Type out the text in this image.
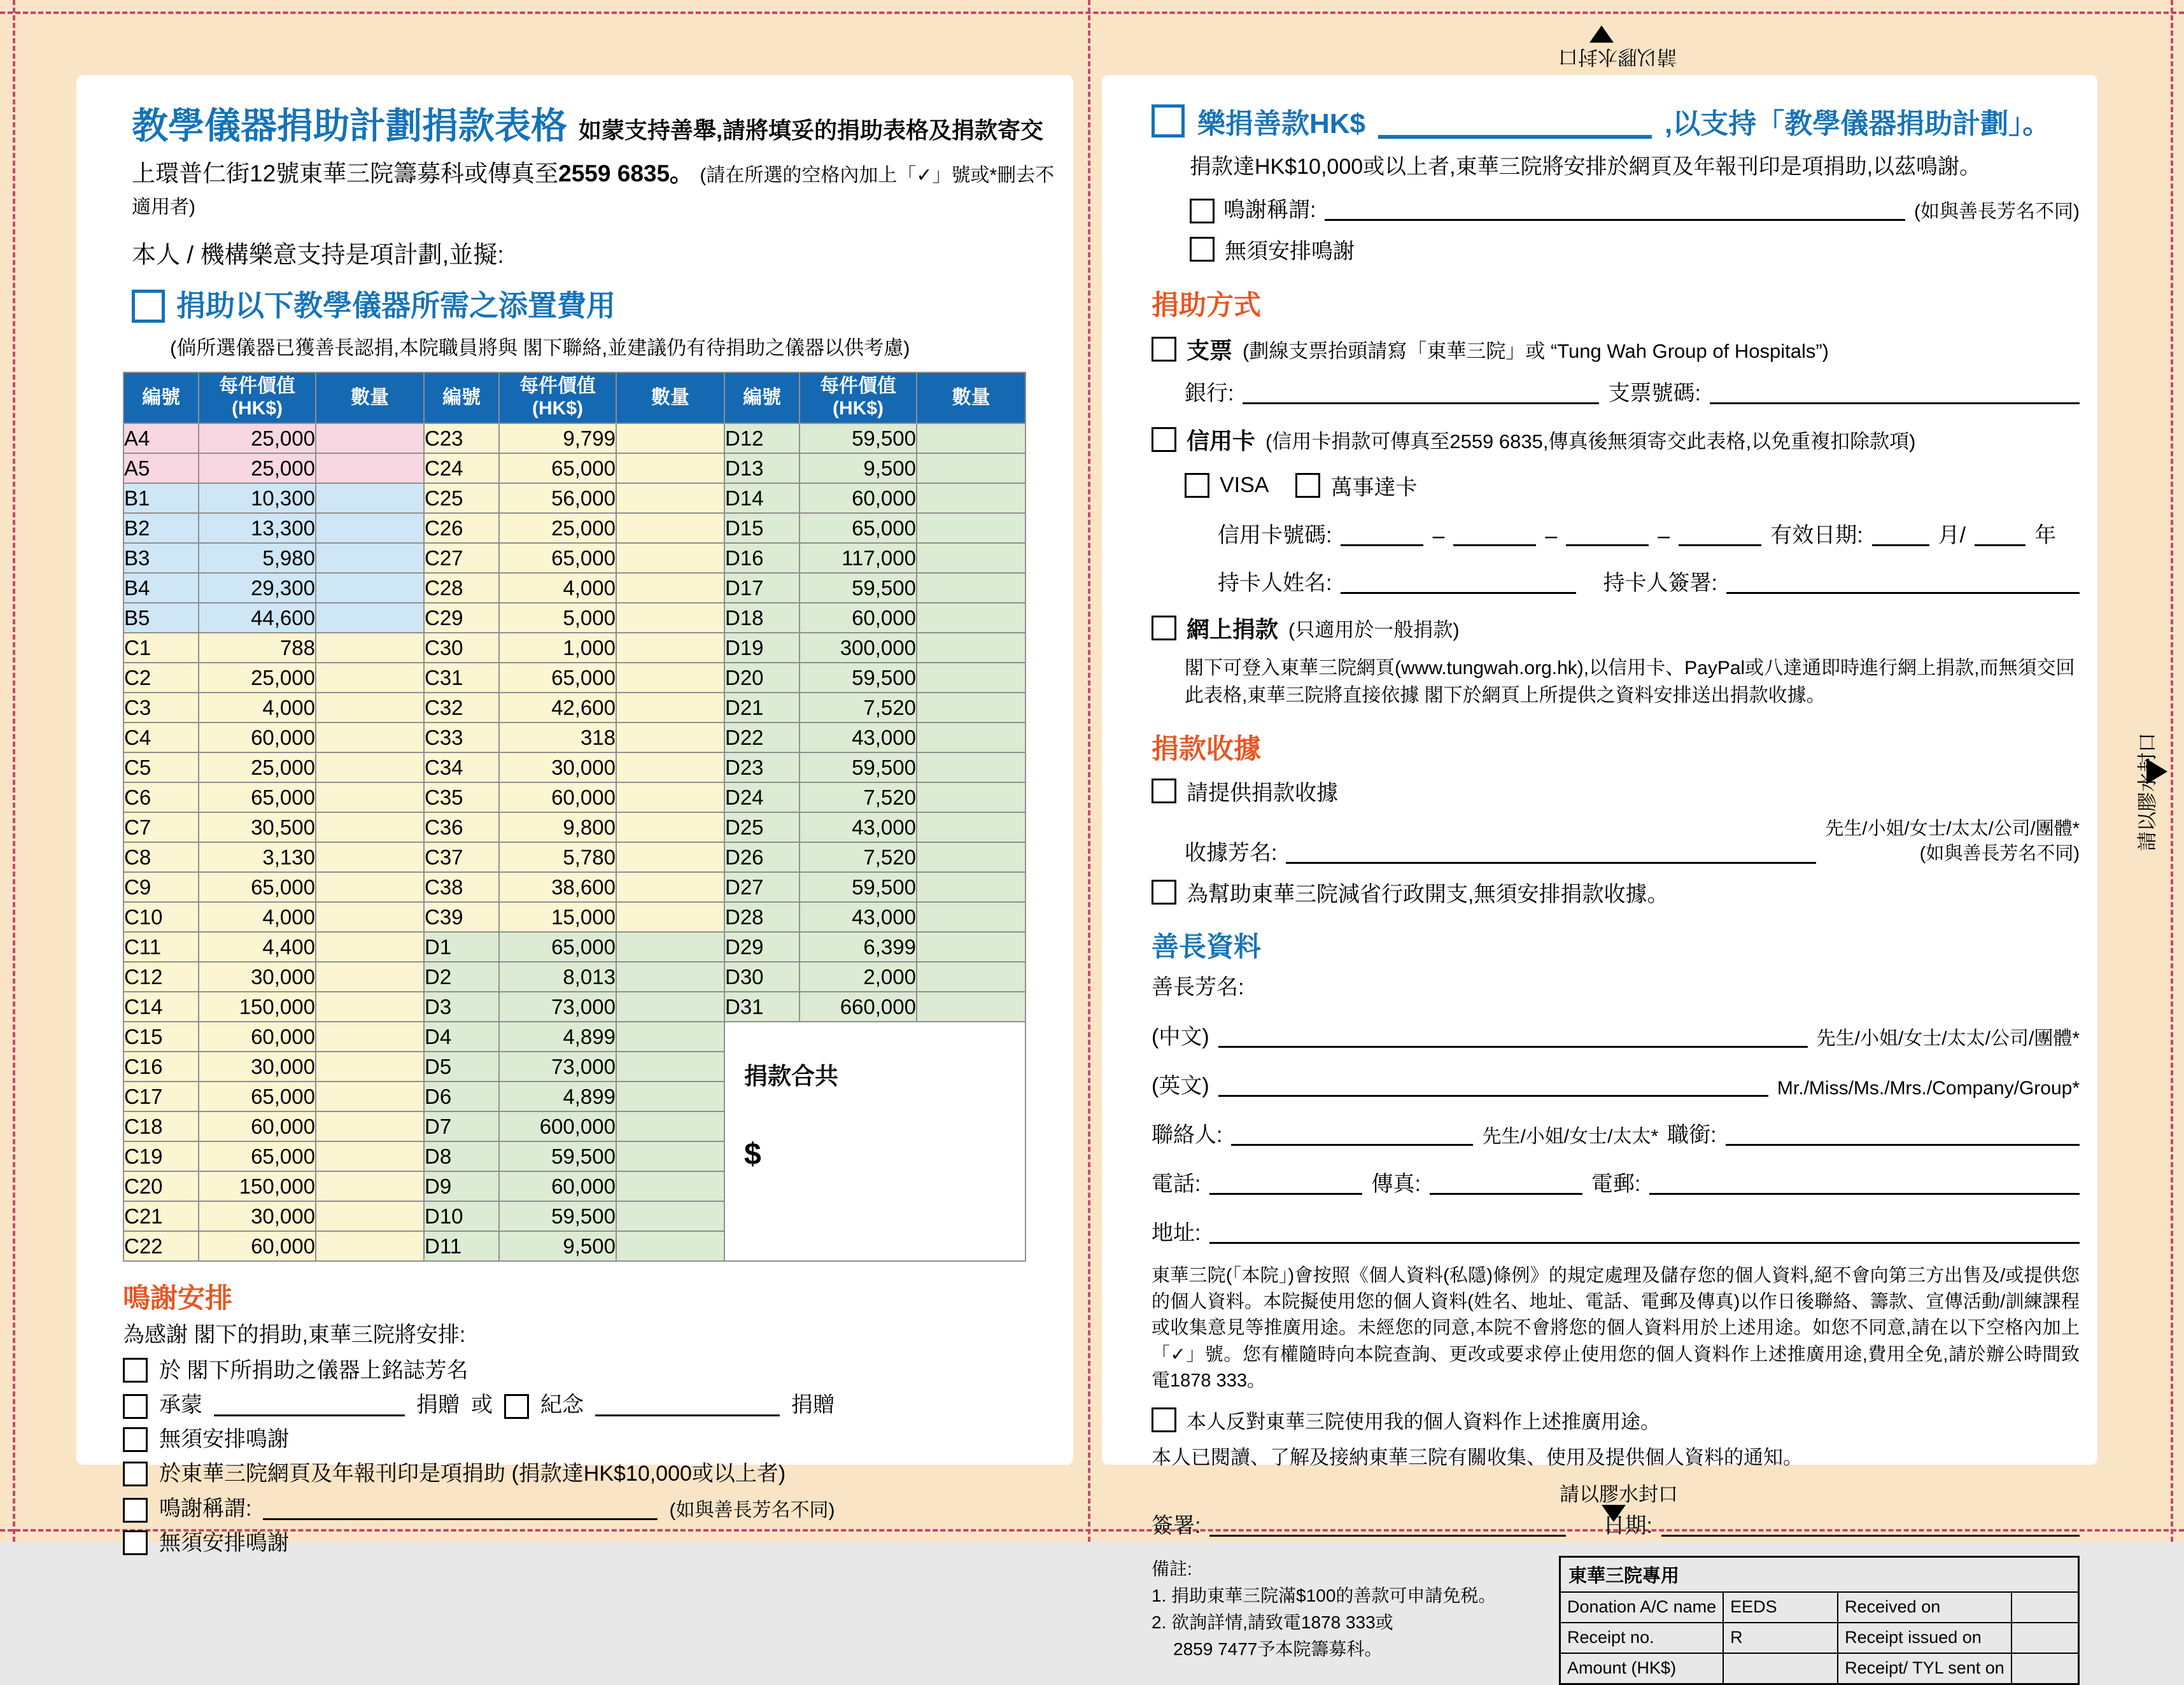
請以膠水封口
請以膠水封口
請以膠水封口
教學儀器捐助計劃捐款表格 如蒙支持善舉,請將填妥的捐助表格及捐款寄交
上環普仁街12號東華三院籌募科或傳真至2559 6835。 (請在所選的空格內加上「✓」號或*刪去不適用者)
本人 / 機構樂意支持是項計劃,並擬:
捐助以下教學儀器所需之添置費用
(倘所選儀器已獲善長認捐,本院職員將與 閣下聯絡,並建議仍有待捐助之儀器以供考慮)
編號	
每件價值
(HK$)
	數量	編號	
每件價值
(HK$)
	數量	編號	
每件價值
(HK$)
	數量
A4	25,000		C23	9,799		D12	59,500	
A5	25,000		C24	65,000		D13	9,500	
B1	10,300		C25	56,000		D14	60,000	
B2	13,300		C26	25,000		D15	65,000	
B3	5,980		C27	65,000		D16	117,000	
B4	29,300		C28	4,000		D17	59,500	
B5	44,600		C29	5,000		D18	60,000	
C1	788		C30	1,000		D19	300,000	
C2	25,000		C31	65,000		D20	59,500	
C3	4,000		C32	42,600		D21	7,520	
C4	60,000		C33	318		D22	43,000	
C5	25,000		C34	30,000		D23	59,500	
C6	65,000		C35	60,000		D24	7,520	
C7	30,500		C36	9,800		D25	43,000	
C8	3,130		C37	5,780		D26	7,520	
C9	65,000		C38	38,600		D27	59,500	
C10	4,000		C39	15,000		D28	43,000	
C11	4,400		D1	65,000		D29	6,399	
C12	30,000		D2	8,013		D30	2,000	
C14	150,000		D3	73,000		D31	660,000	
C15	60,000		D4	4,899		捐款合共
$		

C16	30,000		D5	73,000				
C17	65,000		D6	4,899				
C18	60,000		D7	600,000				
C19	65,000		D8	59,500				
C20	150,000		D9	60,000				
C21	30,000		D10	59,500				
C22	60,000		D11	9,500				
鳴謝安排
為感謝 閣下的捐助,東華三院將安排:
於 閣下所捐助之儀器上銘誌芳名
承蒙	捐贈 或 紀念	捐贈
無須安排鳴謝
於東華三院網頁及年報刊印是項捐助 (捐款達HK$10,000或以上者)
鳴謝稱謂:	(如與善長芳名不同)
無須安排鳴謝
樂捐善款HK$	,以支持「教學儀器捐助計劃」。
捐款達HK$10,000或以上者,東華三院將安排於網頁及年報刊印是項捐助,以茲鳴謝。
鳴謝稱謂:	(如與善長芳名不同)
無須安排鳴謝
捐助方式
支票 (劃線支票抬頭請寫「東華三院」或 “Tung Wah Group of Hospitals”)
銀行:	支票號碼:
信用卡 (信用卡捐款可傳真至2559 6835,傳真後無須寄交此表格,以免重複扣除款項)
VISA	萬事達卡
信用卡號碼:	–	–	–	有效日期:	月/	年
持卡人姓名:	持卡人簽署:
網上捐款 (只適用於一般捐款)
閣下可登入東華三院網頁(www.tungwah.org.hk),以信用卡、PayPal或八達通即時進行網上捐款,而無須交回此表格,東華三院將直接依據 閣下於網頁上所提供之資料安排送出捐款收據。
捐款收據
請提供捐款收據
收據芳名:
先生/小姐/女士/太太/公司/團體*
(如與善長芳名不同)
為幫助東華三院減省行政開支,無須安排捐款收據。
善長資料
善長芳名:
(中文)	先生/小姐/女士/太太/公司/團體*
(英文)	Mr./Miss/Ms./Mrs./Company/Group*
聯絡人:	先生/小姐/女士/太太* 職銜:
電話:	傳真:	電郵:
地址:
東華三院(「本院」)會按照《個人資料(私隱)條例》的規定處理及儲存您的個人資料,絕不會向第三方出售及/或提供您的個人資料。本院擬使用您的個人資料(姓名、地址、電話、電郵及傳真)以作日後聯絡、籌款、宣傳活動/訓練課程或收集意見等推廣用途。未經您的同意,本院不會將您的個人資料用於上述用途。如您不同意,請在以下空格內加上「✓」號。您有權隨時向本院查詢、更改或要求停止使用您的個人資料作上述推廣用途,費用全免,請於辦公時間致電1878 333。
本人反對東華三院使用我的個人資料作上述推廣用途。
本人已閱讀、了解及接納東華三院有關收集、使用及提供個人資料的通知。
簽署:	日期:
備註:
1. 捐助東華三院滿$100的善款可申請免税。
2. 欲詢詳情,請致電1878 333或
2859 7477予本院籌募科。
東華三院專用			
Donation A/C name	EEDS	Received on	
Receipt no.	R	Receipt issued on	
Amount (HK$)		Receipt/ TYL sent on	
